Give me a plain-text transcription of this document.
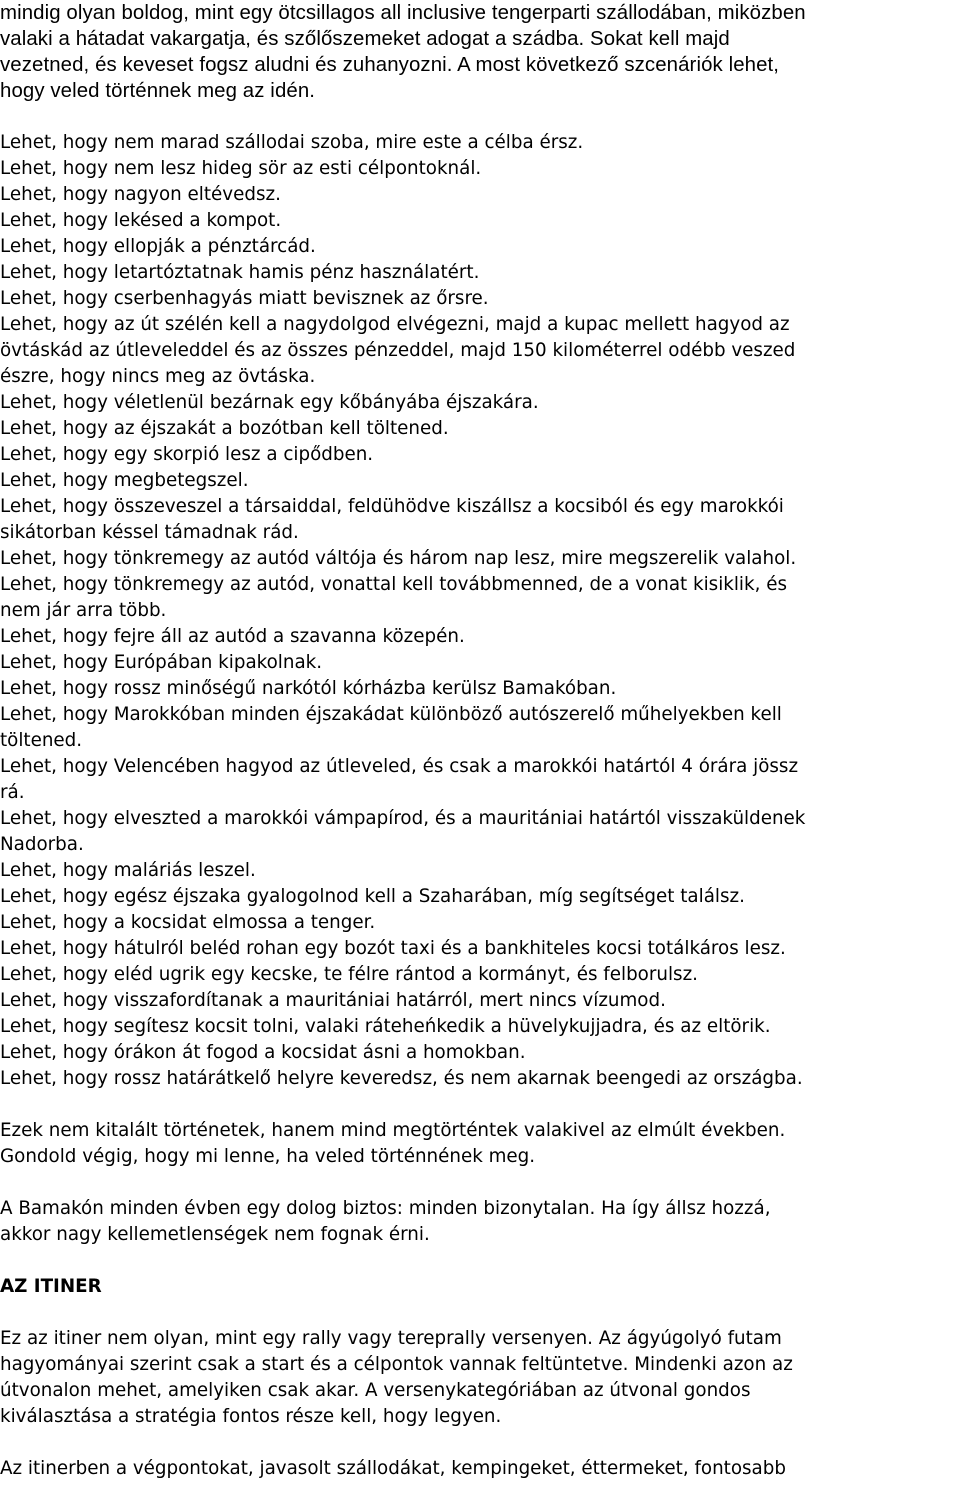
mindig olyan boldog, mint egy ötcsillagos all inclusive tengerparti szállodában, miközben
valaki a hátadat vakargatja, és szőlőszemeket adogat a szádba. Sokat kell majd
vezetned, és keveset fogsz aludni és zuhanyozni. A most következő szcenáriók lehet,
hogy veled történnek meg az idén.
Lehet, hogy nem marad szállodai szoba, mire este a célba érsz.
Lehet, hogy nem lesz hideg sör az esti célpontoknál.
Lehet, hogy nagyon eltévedsz.
Lehet, hogy lekésed a kompot.
Lehet, hogy ellopják a pénztárcád.
Lehet, hogy letartóztatnak hamis pénz használatért.
Lehet, hogy cserbenhagyás miatt bevisznek az őrsre.
Lehet, hogy az út szélén kell a nagydolgod elvégezni, majd a kupac mellett hagyod az
övtáskád az útleveleddel és az összes pénzeddel, majd 150 kilométerrel odébb veszed
észre, hogy nincs meg az övtáska.
Lehet, hogy véletlenül bezárnak egy kőbányába éjszakára.
Lehet, hogy az éjszakát a bozótban kell töltened.
Lehet, hogy egy skorpió lesz a cipődben.
Lehet, hogy megbetegszel.
Lehet, hogy összeveszel a társaiddal, feldühödve kiszállsz a kocsiból és egy marokkói
sikátorban késsel támadnak rád.
Lehet, hogy tönkremegy az autód váltója és három nap lesz, mire megszerelik valahol.
Lehet, hogy tönkremegy az autód, vonattal kell továbbmenned, de a vonat kisiklik, és
nem jár arra több.
Lehet, hogy fejre áll az autód a szavanna közepén.
Lehet, hogy Európában kipakolnak.
Lehet, hogy rossz minőségű narkótól kórházba kerülsz Bamakóban.
Lehet, hogy Marokkóban minden éjszakádat különböző autószerelő műhelyekben kell
töltened.
Lehet, hogy Velencében hagyod az útleveled, és csak a marokkói határtól 4 órára jössz
rá.
Lehet, hogy elveszted a marokkói vámpapírod, és a mauritániai határtól visszaküldenek
Nadorba.
Lehet, hogy maláriás leszel.
Lehet, hogy egész éjszaka gyalogolnod kell a Szaharában, míg segítséget találsz.
Lehet, hogy a kocsidat elmossa a tenger.
Lehet, hogy hátulról beléd rohan egy bozót taxi és a bankhiteles kocsi totálkáros lesz.
Lehet, hogy eléd ugrik egy kecske, te félre rántod a kormányt, és felborulsz.
Lehet, hogy visszafordítanak a mauritániai határról, mert nincs vízumod.
Lehet, hogy segítesz kocsit tolni, valaki ráteheńkedik a hüvelykujjadra, és az eltörik.
Lehet, hogy órákon át fogod a kocsidat ásni a homokban.
Lehet, hogy rossz határátkelő helyre keveredsz, és nem akarnak beengedi az országba.
Ezek nem kitalált történetek, hanem mind megtörténtek valakivel az elmúlt években.
Gondold végig, hogy mi lenne, ha veled történnének meg.
A Bamakón minden évben egy dolog biztos: minden bizonytalan. Ha így állsz hozzá,
akkor nagy kellemetlenségek nem fognak érni.
AZ ITINER
Ez az itiner nem olyan, mint egy rally vagy tereprally versenyen. Az ágyúgolyó futam
hagyományai szerint csak a start és a célpontok vannak feltüntetve. Mindenki azon az
útvonalon mehet, amelyiken csak akar. A versenykategóriában az útvonal gondos
kiválasztása a stratégia fontos része kell, hogy legyen.
Az itinerben a végpontokat, javasolt szállodákat, kempingeket, éttermeket, fontosabb
